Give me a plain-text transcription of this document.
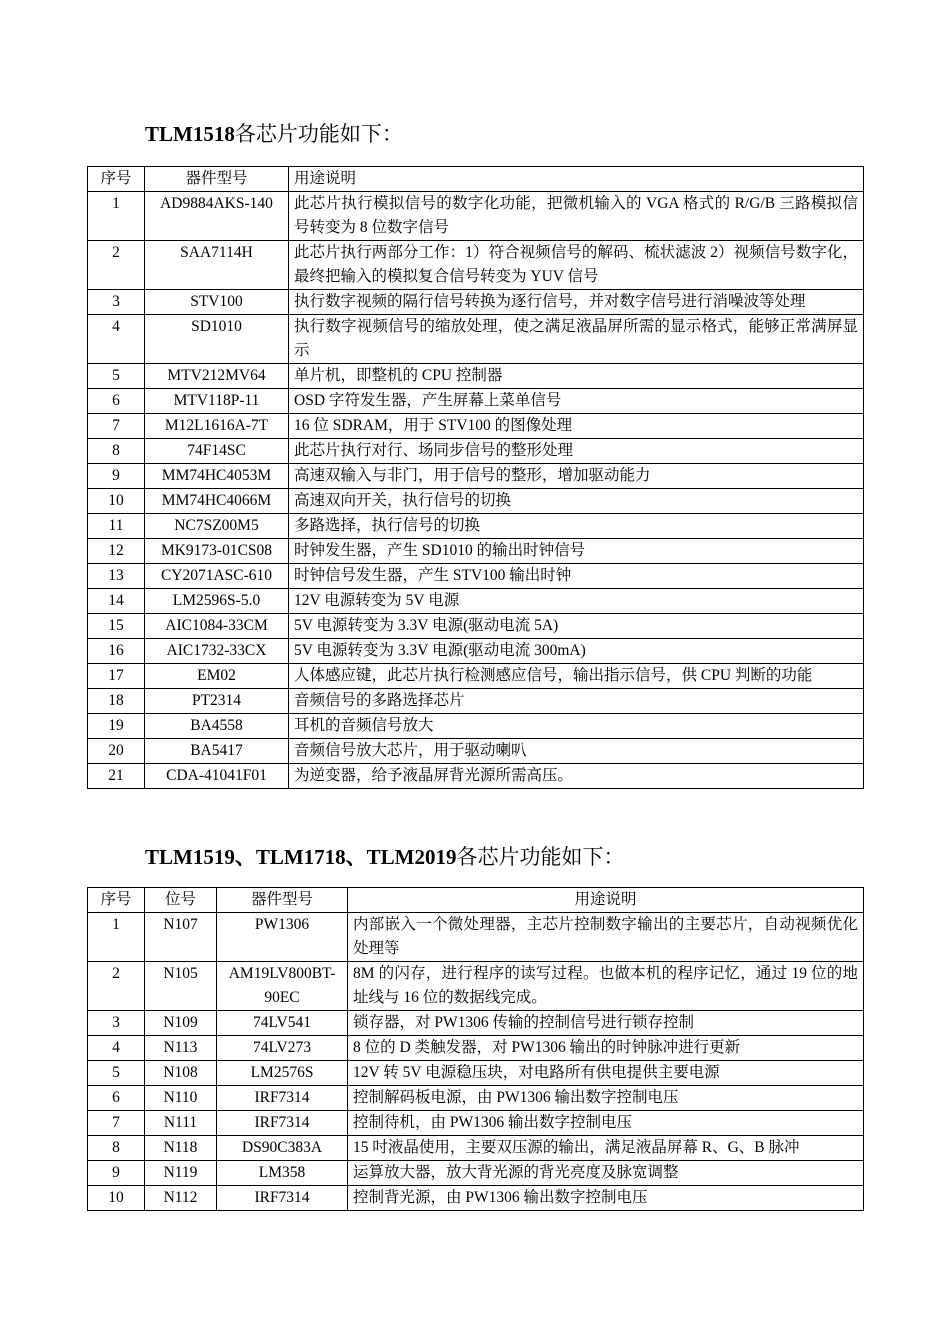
TLM1518各芯片功能如下：
序号	器件型号	用途说明
1	AD9884AKS-140	此芯片执行模拟信号的数字化功能，把微机输入的 VGA 格式的 R/G/B 三路模拟信号转变为 8 位数字信号
2	SAA7114H	此芯片执行两部分工作：1）符合视频信号的解码、梳状滤波 2）视频信号数字化，最终把输入的模拟复合信号转变为 YUV 信号
3	STV100	执行数字视频的隔行信号转换为逐行信号，并对数字信号进行消噪波等处理
4	SD1010	执行数字视频信号的缩放处理，使之满足液晶屏所需的显示格式，能够正常满屏显示
5	MTV212MV64	单片机，即整机的 CPU 控制器
6	MTV118P-11	OSD 字符发生器，产生屏幕上菜单信号
7	M12L1616A-7T	16 位 SDRAM，用于 STV100 的图像处理
8	74F14SC	此芯片执行对行、场同步信号的整形处理
9	MM74HC4053M	高速双输入与非门，用于信号的整形，增加驱动能力
10	MM74HC4066M	高速双向开关，执行信号的切换
11	NC7SZ00M5	多路选择，执行信号的切换
12	MK9173-01CS08	时钟发生器，产生 SD1010 的输出时钟信号
13	CY2071ASC-610	时钟信号发生器，产生 STV100 输出时钟
14	LM2596S-5.0	12V 电源转变为 5V 电源
15	AIC1084-33CM	5V 电源转变为 3.3V 电源(驱动电流 5A)
16	AIC1732-33CX	5V 电源转变为 3.3V 电源(驱动电流 300mA)
17	EM02	人体感应键，此芯片执行检测感应信号，输出指示信号，供 CPU 判断的功能
18	PT2314	音频信号的多路选择芯片
19	BA4558	耳机的音频信号放大
20	BA5417	音频信号放大芯片，用于驱动喇叭
21	CDA-41041F01	为逆变器，给予液晶屏背光源所需高压。
TLM1519、TLM1718、TLM2019各芯片功能如下：
序号	位号	器件型号	用途说明
1	N107	PW1306	内部嵌入一个微处理器，主芯片控制数字输出的主要芯片，自动视频优化处理等
2	N105	AM19LV800BT-90EC	8M 的闪存，进行程序的读写过程。也做本机的程序记忆，通过 19 位的地址线与 16 位的数据线完成。
3	N109	74LV541	锁存器，对 PW1306 传输的控制信号进行锁存控制
4	N113	74LV273	8 位的 D 类触发器，对 PW1306 输出的时钟脉冲进行更新
5	N108	LM2576S	12V 转 5V 电源稳压块，对电路所有供电提供主要电源
6	N110	IRF7314	控制解码板电源，由 PW1306 输出数字控制电压
7	N111	IRF7314	控制待机，由 PW1306 输出数字控制电压
8	N118	DS90C383A	15 吋液晶使用，主要双压源的输出，满足液晶屏幕 R、G、B 脉冲
9	N119	LM358	运算放大器，放大背光源的背光亮度及脉宽调整
10	N112	IRF7314	控制背光源，由 PW1306 输出数字控制电压
